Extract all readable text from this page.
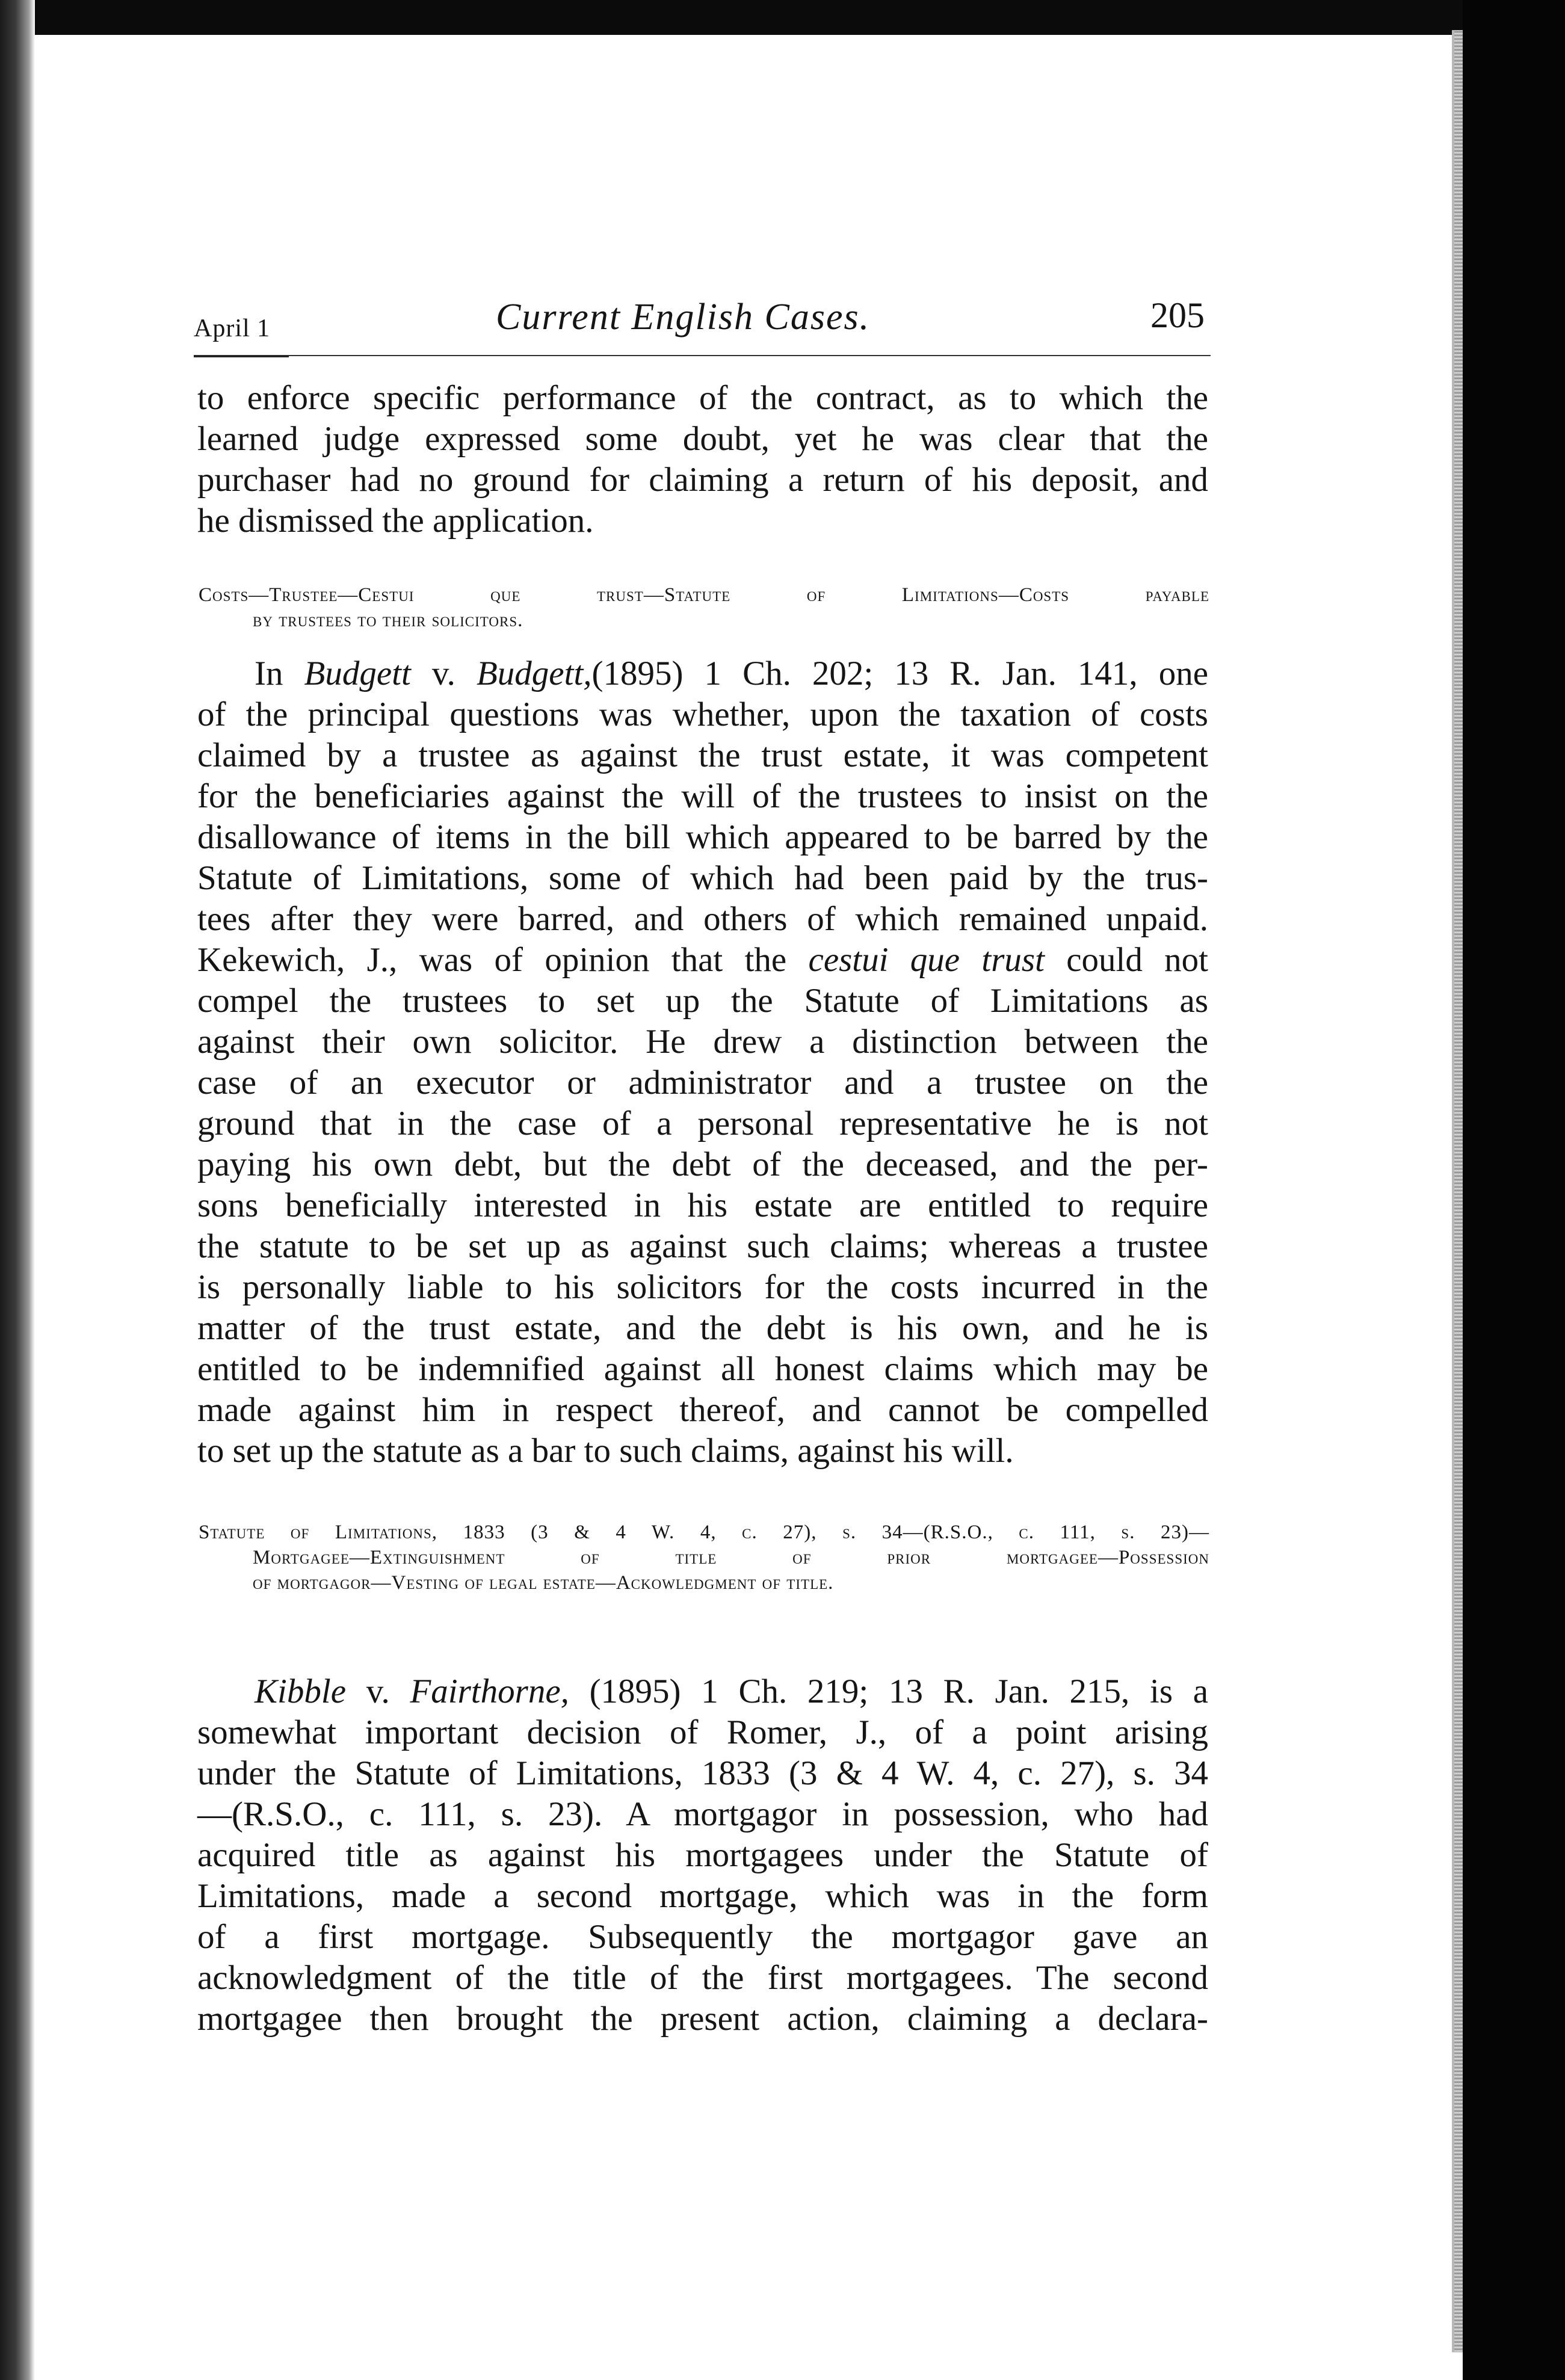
April 1	Current English Cases.	205
to enforce specific performance of the contract, as to which the
learned judge expressed some doubt, yet he was clear that the
purchaser had no ground for claiming a return of his deposit, and
he dismissed the application.
Costs—Trustee—Cestui que trust—Statute of Limitations—Costs payable
by trustees to their solicitors.
In Budgett v. Budgett,(1895) 1 Ch. 202; 13 R. Jan. 141, one
of the principal questions was whether, upon the taxation of costs
claimed by a trustee as against the trust estate, it was competent
for the beneficiaries against the will of the trustees to insist on the
disallowance of items in the bill which appeared to be barred by the
Statute of Limitations, some of which had been paid by the trus-
tees after they were barred, and others of which remained unpaid.
Kekewich, J., was of opinion that the cestui que trust could not
compel the trustees to set up the Statute of Limitations as
against their own solicitor. He drew a distinction between the
case of an executor or administrator and a trustee on the
ground that in the case of a personal representative he is not
paying his own debt, but the debt of the deceased, and the per-
sons beneficially interested in his estate are entitled to require
the statute to be set up as against such claims; whereas a trustee
is personally liable to his solicitors for the costs incurred in the
matter of the trust estate, and the debt is his own, and he is
entitled to be indemnified against all honest claims which may be
made against him in respect thereof, and cannot be compelled
to set up the statute as a bar to such claims, against his will.
Statute of Limitations, 1833 (3 & 4 W. 4, c. 27), s. 34—(R.S.O., c. 111, s. 23)—
Mortgagee—Extinguishment of title of prior mortgagee—Possession
of mortgagor—Vesting of legal estate—Ackowledgment of title.
Kibble v. Fairthorne, (1895) 1 Ch. 219; 13 R. Jan. 215, is a
somewhat important decision of Romer, J., of a point arising
under the Statute of Limitations, 1833 (3 & 4 W. 4, c. 27), s. 34
—(R.S.O., c. 111, s. 23). A mortgagor in possession, who had
acquired title as against his mortgagees under the Statute of
Limitations, made a second mortgage, which was in the form
of a first mortgage. Subsequently the mortgagor gave an
acknowledgment of the title of the first mortgagees. The second
mortgagee then brought the present action, claiming a declara-
